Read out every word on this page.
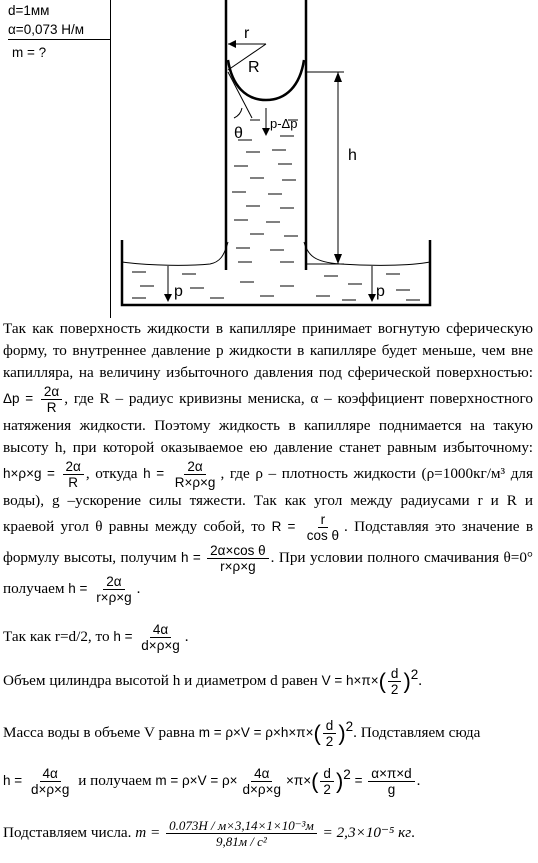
d=1мм
α=0,073 Н/м
m = ?
r
R
θ
p-Δp
h
p	p
Так как поверхность жидкости в капилляре принимает вогнутую сферическую форму, то внутреннее давление р жидкости в капилляре будет меньше, чем вне капилляра, на величину избыточного давления под сферической поверхностью: $\Delta p = \frac{2\alpha}{R}$ , где R – радиус кривизны мениска, α – коэффициент поверхностного натяжения жидкости. Поэтому жидкость в капилляре поднимается на такую высоту h, при которой оказываемое ею давление станет равным избыточному: $h\times\rho\times g = \frac{2\alpha}{R}$ , откуда $h = \frac{2\alpha}{R\times\rho\times g}$ , где ρ – плотность жидкости (ρ=1000кг/м³ для воды), g –ускорение силы тяжести. Так как угол между радиусами r и R и краевой угол θ равны между собой, то $R = \frac{r}{\text{cos θ}}$ . Подставляя это значение в формулу высоты, получим $h = \frac{\text{2α×cos θ}}{r\times\rho\times g}$ . При условии полного смачивания θ=0° получаем $h = \frac{2\alpha}{r\times\rho\times g}$ .
Так как r=d/2, то $h = \frac{4\alpha}{d\times\rho\times g}$ .
Объем цилиндра высотой h и диаметром d равен $V = h\times\pi\times( \frac{d}{2} )^2$.
Масса воды в объеме V равна $m = \rho\times V = \rho\times h\times\pi\times( \frac{d}{2} )^2$. Подставляем сюда
$h = \frac{4\alpha}{d\times\rho\times g}$ и получаем $m = \rho\times V = \rho\times \frac{4\alpha}{d\times\rho\times g} \times\pi\times( \frac{d}{2} )^2 = \frac{\alpha\times\pi\times d}{g}$ .
Подставляем числа. $m = \frac{\text{0.073Н / м×3,14×1×10⁻³м}}{\text{9,81м / с²}} = 2,3\times 10^{-5}$ кг.
